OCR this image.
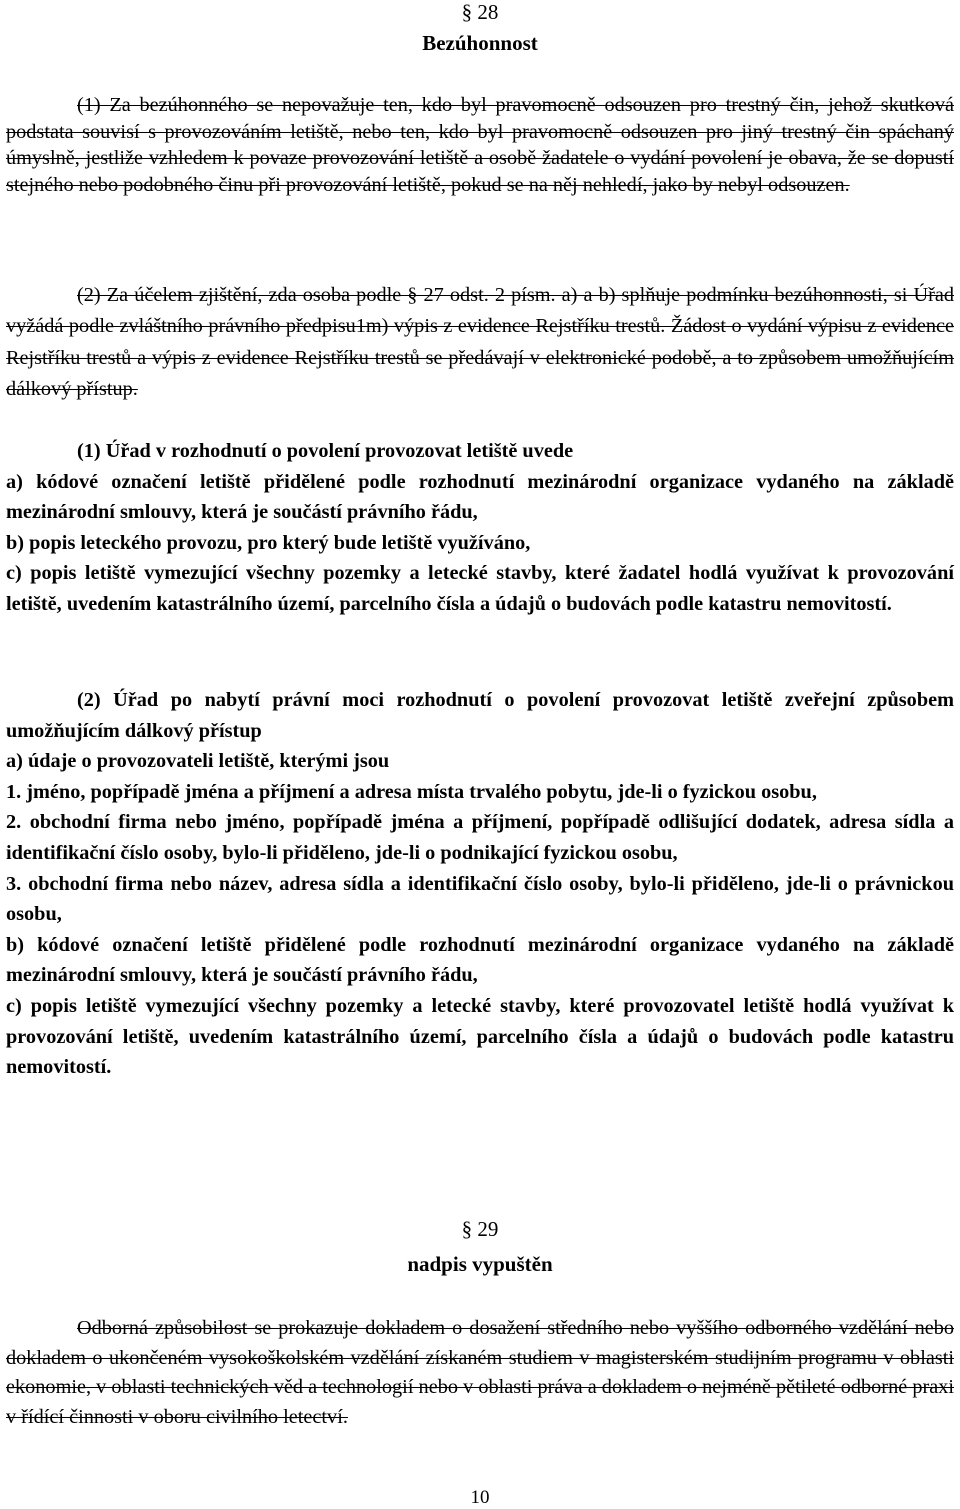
§ 28
Bezúhonnost
(1) Za bezúhonného se nepovažuje ten, kdo byl pravomocně odsouzen pro trestný čin, jehož skutková podstata souvisí s provozováním letiště, nebo ten, kdo byl pravomocně odsouzen pro jiný trestný čin spáchaný úmyslně, jestliže vzhledem k povaze provozování letiště a osobě žadatele o vydání povolení je obava, že se dopustí stejného nebo podobného činu při provozování letiště, pokud se na něj nehledí, jako by nebyl odsouzen.
(2) Za účelem zjištění, zda osoba podle § 27 odst. 2 písm. a) a b) splňuje podmínku bezúhonnosti, si Úřad vyžádá podle zvláštního právního předpisu1m) výpis z evidence Rejstříku trestů. Žádost o vydání výpisu z evidence Rejstříku trestů a výpis z evidence Rejstříku trestů se předávají v elektronické podobě, a to způsobem umožňujícím dálkový přístup.
(1) Úřad v rozhodnutí o povolení provozovat letiště uvede
a) kódové označení letiště přidělené podle rozhodnutí mezinárodní organizace vydaného na základě mezinárodní smlouvy, která je součástí právního řádu,
b) popis leteckého provozu, pro který bude letiště využíváno,
c) popis letiště vymezující všechny pozemky a letecké stavby, které žadatel hodlá využívat k provozování letiště, uvedením katastrálního území, parcelního čísla a údajů o budovách podle katastru nemovitostí.
(2) Úřad po nabytí právní moci rozhodnutí o povolení provozovat letiště zveřejní způsobem umožňujícím dálkový přístup
a) údaje o provozovateli letiště, kterými jsou
1. jméno, popřípadě jména a příjmení a adresa místa trvalého pobytu, jde-li o fyzickou osobu,
2. obchodní firma nebo jméno, popřípadě jména a příjmení, popřípadě odlišující dodatek, adresa sídla a identifikační číslo osoby, bylo-li přiděleno, jde-li o podnikající fyzickou osobu,
3. obchodní firma nebo název, adresa sídla a identifikační číslo osoby, bylo-li přiděleno, jde-li o právnickou osobu,
b) kódové označení letiště přidělené podle rozhodnutí mezinárodní organizace vydaného na základě mezinárodní smlouvy, která je součástí právního řádu,
c) popis letiště vymezující všechny pozemky a letecké stavby, které provozovatel letiště hodlá využívat k provozování letiště, uvedením katastrálního území, parcelního čísla a údajů o budovách podle katastru nemovitostí.
§ 29
nadpis vypuštěn
Odborná způsobilost se prokazuje dokladem o dosažení středního nebo vyššího odborného vzdělání nebo dokladem o ukončeném vysokoškolském vzdělání získaném studiem v magisterském studijním programu v oblasti ekonomie, v oblasti technických věd a technologií nebo v oblasti práva a dokladem o nejméně pětileté odborné praxi v řídící činnosti v oboru civilního letectví.
10
